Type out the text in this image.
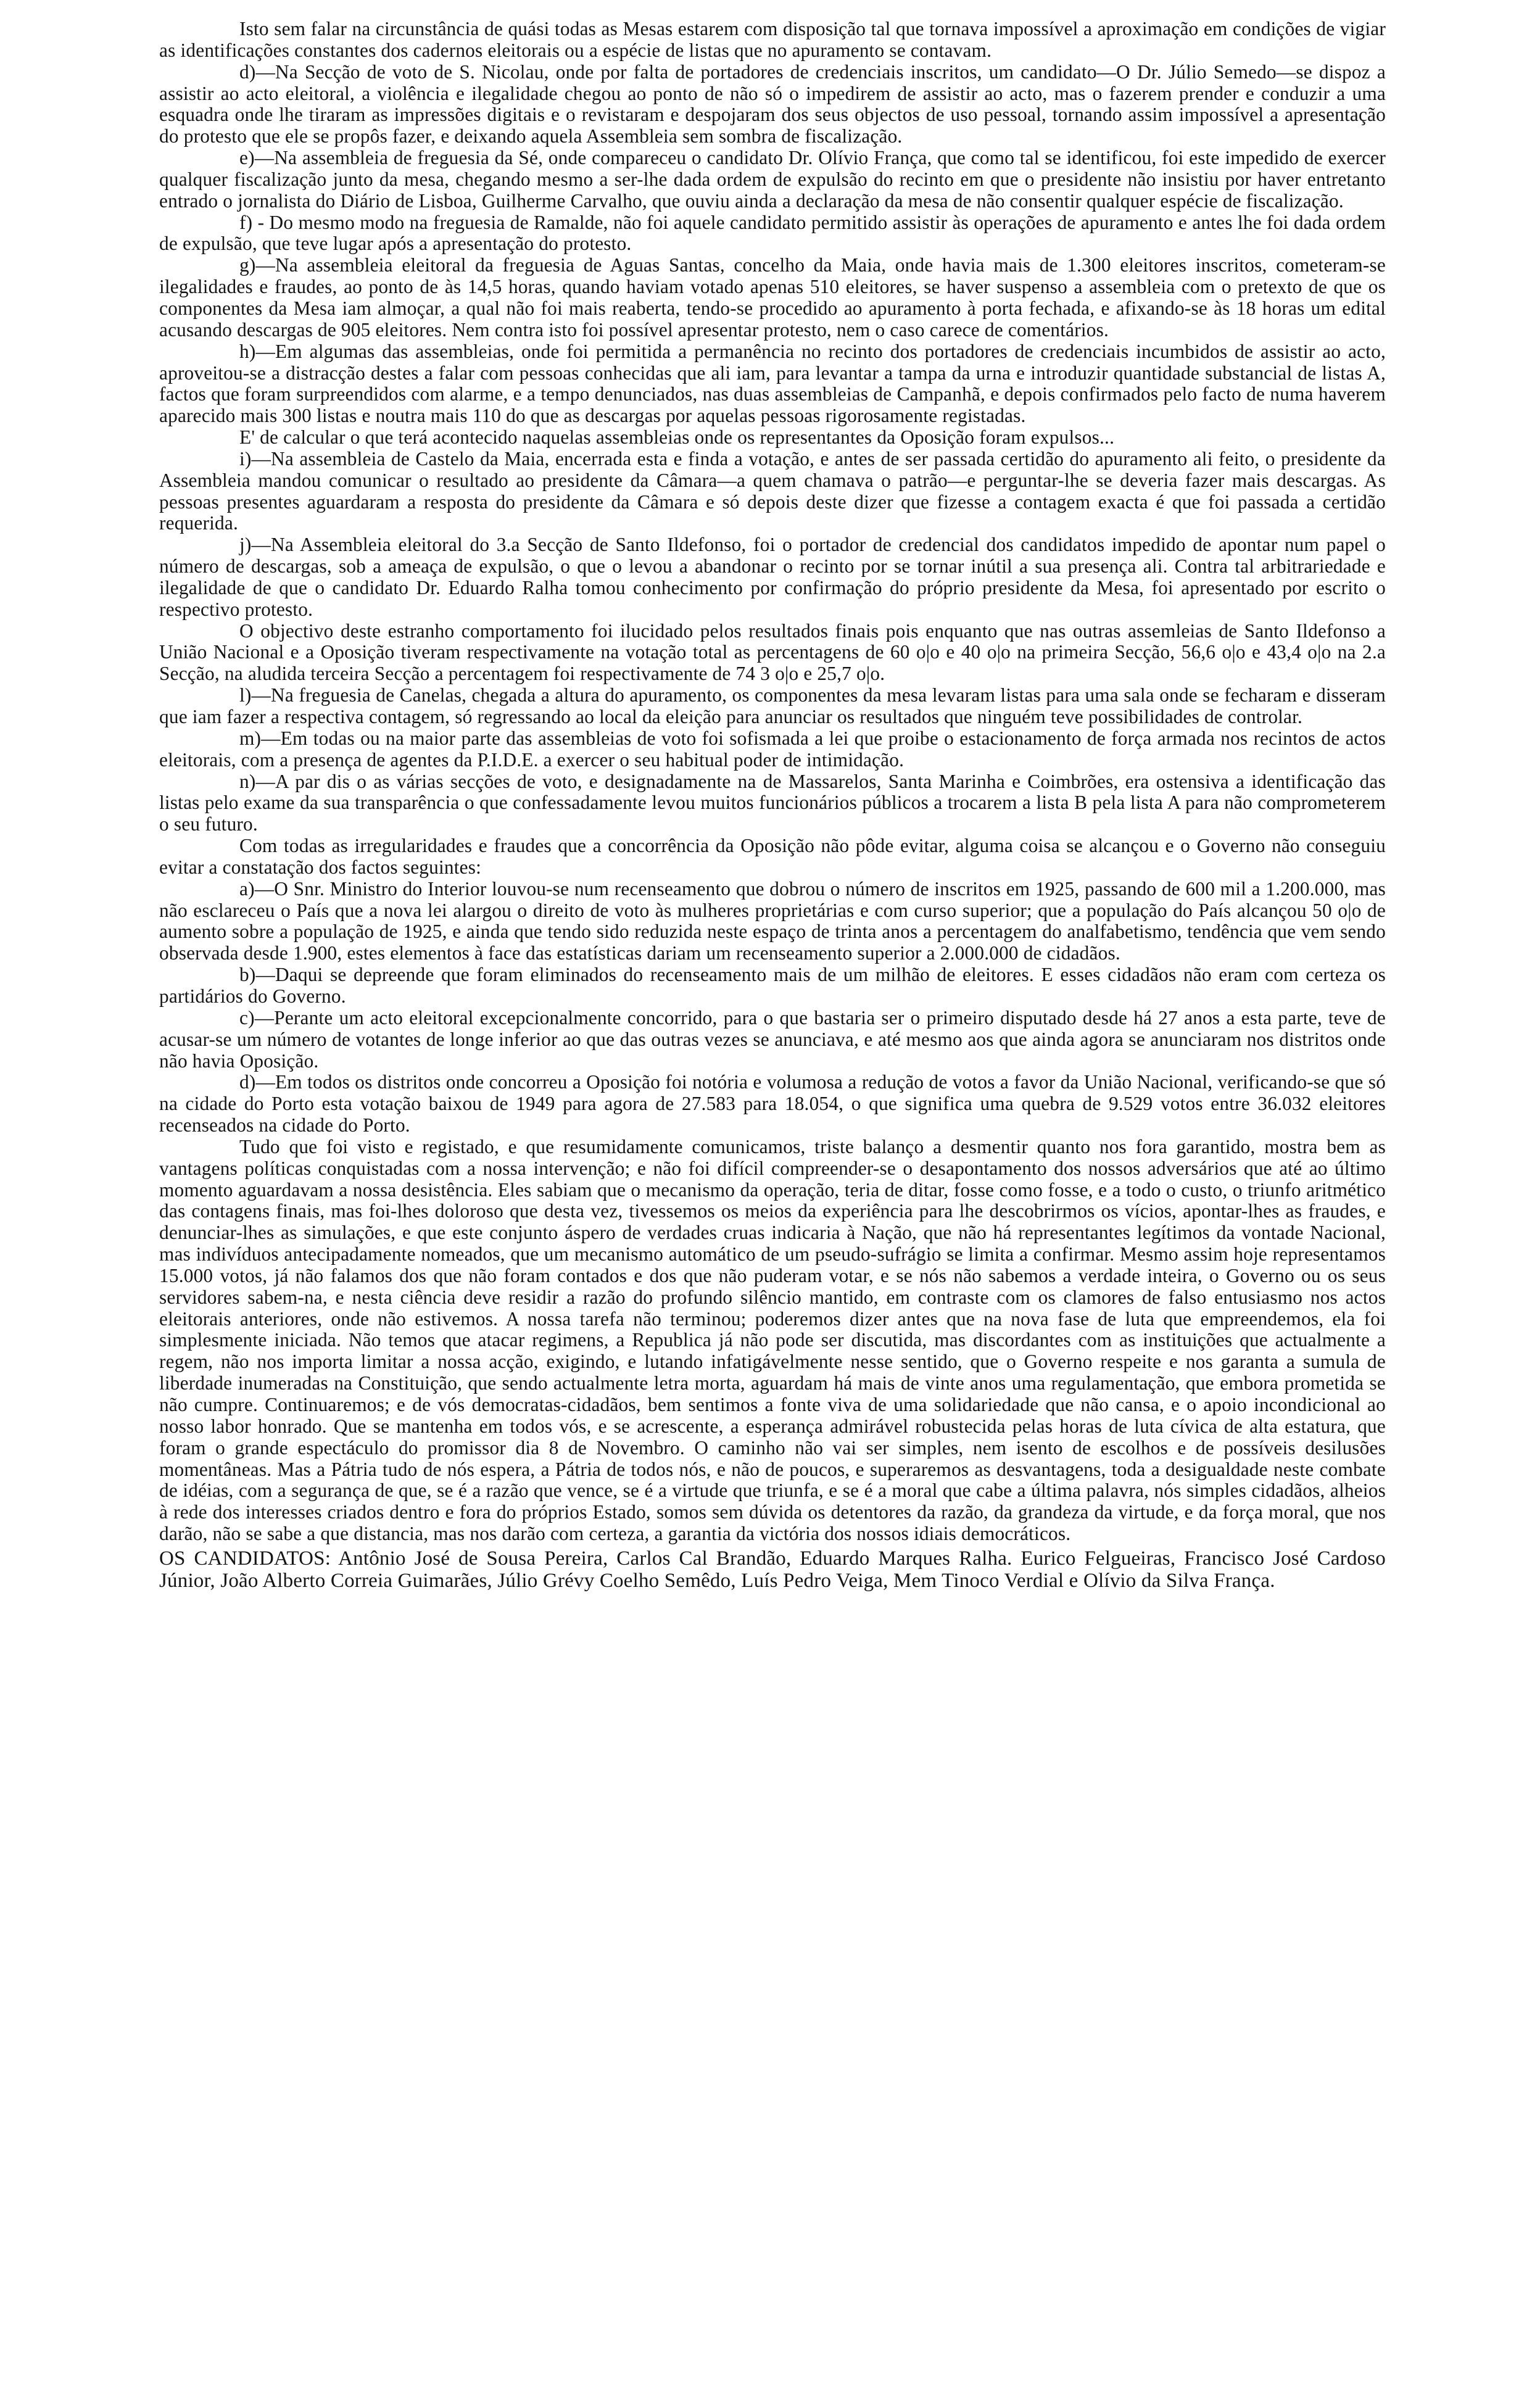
Isto sem falar na circunstância de quási todas as Mesas estarem com disposição tal que tornava impossível a aproximação em condições de vigiar as identificações constantes dos cadernos eleitorais ou a espécie de listas que no apuramento se contavam.

d)—Na Secção de voto de S. Nicolau, onde por falta de portadores de credenciais inscritos, um candidato—O Dr. Júlio Semedo—se dispoz a assistir ao acto eleitoral, a violência e ilegalidade chegou ao ponto de não só o impedirem de assistir ao acto, mas o fazerem prender e conduzir a uma esquadra onde lhe tiraram as impressões digitais e o revistaram e despojaram dos seus objectos de uso pessoal, tornando assim impossível a apresentação do protesto que ele se propôs fazer, e deixando aquela Assembleia sem sombra de fiscalização.

e)—Na assembleia de freguesia da Sé, onde compareceu o candidato Dr. Olívio França, que como tal se identificou, foi este impedido de exercer qualquer fiscalização junto da mesa, chegando mesmo a ser-lhe dada ordem de expulsão do recinto em que o presidente não insistiu por haver entretanto entrado o jornalista do Diário de Lisboa, Guilherme Carvalho, que ouviu ainda a declaração da mesa de não consentir qualquer espécie de fiscalização.

f) - Do mesmo modo na freguesia de Ramalde, não foi aquele candidato permitido assistir às operações de apuramento e antes lhe foi dada ordem de expulsão, que teve lugar após a apresentação do protesto.

g)—Na assembleia eleitoral da freguesia de Aguas Santas, concelho da Maia, onde havia mais de 1.300 eleitores inscritos, cometeram-se ilegalidades e fraudes, ao ponto de às 14,5 horas, quando haviam votado apenas 510 eleitores, se haver suspenso a assembleia com o pretexto de que os componentes da Mesa iam almoçar, a qual não foi mais reaberta, tendo-se procedido ao apuramento à porta fechada, e afixando-se às 18 horas um edital acusando descargas de 905 eleitores. Nem contra isto foi possível apresentar protesto, nem o caso carece de comentários.

h)—Em algumas das assembleias, onde foi permitida a permanência no recinto dos portadores de credenciais incumbidos de assistir ao acto, aproveitou-se a distracção destes a falar com pessoas conhecidas que ali iam, para levantar a tampa da urna e introduzir quantidade substancial de listas A, factos que foram surpreendidos com alarme, e a tempo denunciados, nas duas assembleias de Campanhã, e depois confirmados pelo facto de numa haverem aparecido mais 300 listas e noutra mais 110 do que as descargas por aquelas pessoas rigorosamente registadas.

E' de calcular o que terá acontecido naquelas assembleias onde os representantes da Oposição foram expulsos...

i)—Na assembleia de Castelo da Maia, encerrada esta e finda a votação, e antes de ser passada certidão do apuramento ali feito, o presidente da Assembleia mandou comunicar o resultado ao presidente da Câmara—a quem chamava o patrão—e perguntar-lhe se deveria fazer mais descargas. As pessoas presentes aguardaram a resposta do presidente da Câmara e só depois deste dizer que fizesse a contagem exacta é que foi passada a certidão requerida.

j)—Na Assembleia eleitoral do 3.a Secção de Santo Ildefonso, foi o portador de credencial dos candidatos impedido de apontar num papel o número de descargas, sob a ameaça de expulsão, o que o levou a abandonar o recinto por se tornar inútil a sua presença ali. Contra tal arbitrariedade e ilegalidade de que o candidato Dr. Eduardo Ralha tomou conhecimento por confirmação do próprio presidente da Mesa, foi apresentado por escrito o respectivo protesto.

O objectivo deste estranho comportamento foi ilucidado pelos resultados finais pois enquanto que nas outras assemleias de Santo Ildefonso a União Nacional e a Oposição tiveram respectivamente na votação total as percentagens de 60 o|o e 40 o|o na primeira Secção, 56,6 o|o e 43,4 o|o na 2.a Secção, na aludida terceira Secção a percentagem foi respectivamente de 74 3 o|o e 25,7 o|o.

l)—Na freguesia de Canelas, chegada a altura do apuramento, os componentes da mesa levaram listas para uma sala onde se fecharam e disseram que iam fazer a respectiva contagem, só regressando ao local da eleição para anunciar os resultados que ninguém teve possibilidades de controlar.

m)—Em todas ou na maior parte das assembleias de voto foi sofismada a lei que proibe o estacionamento de força armada nos recintos de actos eleitorais, com a presença de agentes da P.I.D.E. a exercer o seu habitual poder de intimidação.

n)—A par dis o as várias secções de voto, e designadamente na de Massarelos, Santa Marinha e Coimbrões, era ostensiva a identificação das listas pelo exame da sua transparência o que confessadamente levou muitos funcionários públicos a trocarem a lista B pela lista A para não comprometerem o seu futuro.

Com todas as irregularidades e fraudes que a concorrência da Oposição não pôde evitar, alguma coisa se alcançou e o Governo não conseguiu evitar a constatação dos factos seguintes:

a)—O Snr. Ministro do Interior louvou-se num recenseamento que dobrou o número de inscritos em 1925, passando de 600 mil a 1.200.000, mas não esclareceu o País que a nova lei alargou o direito de voto às mulheres proprietárias e com curso superior; que a população do País alcançou 50 o|o de aumento sobre a população de 1925, e ainda que tendo sido reduzida neste espaço de trinta anos a percentagem do analfabetismo, tendência que vem sendo observada desde 1.900, estes elementos à face das estatísticas dariam um recenseamento superior a 2.000.000 de cidadãos.

b)—Daqui se depreende que foram eliminados do recenseamento mais de um milhão de eleitores. E esses cidadãos não eram com certeza os partidários do Governo.

c)—Perante um acto eleitoral excepcionalmente concorrido, para o que bastaria ser o primeiro disputado desde há 27 anos a esta parte, teve de acusar-se um número de votantes de longe inferior ao que das outras vezes se anunciava, e até mesmo aos que ainda agora se anunciaram nos distritos onde não havia Oposição.

d)—Em todos os distritos onde concorreu a Oposição foi notória e volumosa a redução de votos a favor da União Nacional, verificando-se que só na cidade do Porto esta votação baixou de 1949 para agora de 27.583 para 18.054, o que significa uma quebra de 9.529 votos entre 36.032 eleitores recenseados na cidade do Porto.

Tudo que foi visto e registado, e que resumidamente comunicamos, triste balanço a desmentir quanto nos fora garantido, mostra bem as vantagens políticas conquistadas com a nossa intervenção; e não foi difícil compreender-se o desapontamento dos nossos adversários que até ao último momento aguardavam a nossa desistência. Eles sabiam que o mecanismo da operação, teria de ditar, fosse como fosse, e a todo o custo, o triunfo aritmético das contagens finais, mas foi-lhes doloroso que desta vez, tivessemos os meios da experiência para lhe descobrirmos os vícios, apontar-lhes as fraudes, e denunciar-lhes as simulações, e que este conjunto áspero de verdades cruas indicaria à Nação, que não há representantes legítimos da vontade Nacional, mas indivíduos antecipadamente nomeados, que um mecanismo automático de um pseudo-sufrágio se limita a confirmar. Mesmo assim hoje representamos 15.000 votos, já não falamos dos que não foram contados e dos que não puderam votar, e se nós não sabemos a verdade inteira, o Governo ou os seus servidores sabem-na, e nesta ciência deve residir a razão do profundo silêncio mantido, em contraste com os clamores de falso entusiasmo nos actos eleitorais anteriores, onde não estivemos. A nossa tarefa não terminou; poderemos dizer antes que na nova fase de luta que empreendemos, ela foi simplesmente iniciada. Não temos que atacar regimens, a Republica já não pode ser discutida, mas discordantes com as instituições que actualmente a regem, não nos importa limitar a nossa acção, exigindo, e lutando infatigávelmente nesse sentido, que o Governo respeite e nos garanta a sumula de liberdade inumeradas na Constituição, que sendo actualmente letra morta, aguardam há mais de vinte anos uma regulamentação, que embora prometida se não cumpre. Continuaremos; e de vós democratas-cidadãos, bem sentimos a fonte viva de uma solidariedade que não cansa, e o apoio incondicional ao nosso labor honrado. Que se mantenha em todos vós, e se acrescente, a esperança admirável robustecida pelas horas de luta cívica de alta estatura, que foram o grande espectáculo do promissor dia 8 de Novembro. O caminho não vai ser simples, nem isento de escolhos e de possíveis desilusões momentâneas. Mas a Pátria tudo de nós espera, a Pátria de todos nós, e não de poucos, e superaremos as desvantagens, toda a desigualdade neste combate de idéias, com a segurança de que, se é a razão que vence, se é a virtude que triunfa, e se é a moral que cabe a última palavra, nós simples cidadãos, alheios à rede dos interesses criados dentro e fora do próprios Estado, somos sem dúvida os detentores da razão, da grandeza da virtude, e da força moral, que nos darão, não se sabe a que distancia, mas nos darão com certeza, a garantia da victória dos nossos idiais democráticos.

OS CANDIDATOS: Antônio José de Sousa Pereira, Carlos Cal Brandão, Eduardo Marques Ralha. Eurico Felgueiras, Francisco José Cardoso Júnior, João Alberto Correia Guimarães, Júlio Grévy Coelho Semêdo, Luís Pedro Veiga, Mem Tinoco Verdial e Olívio da Silva França.
